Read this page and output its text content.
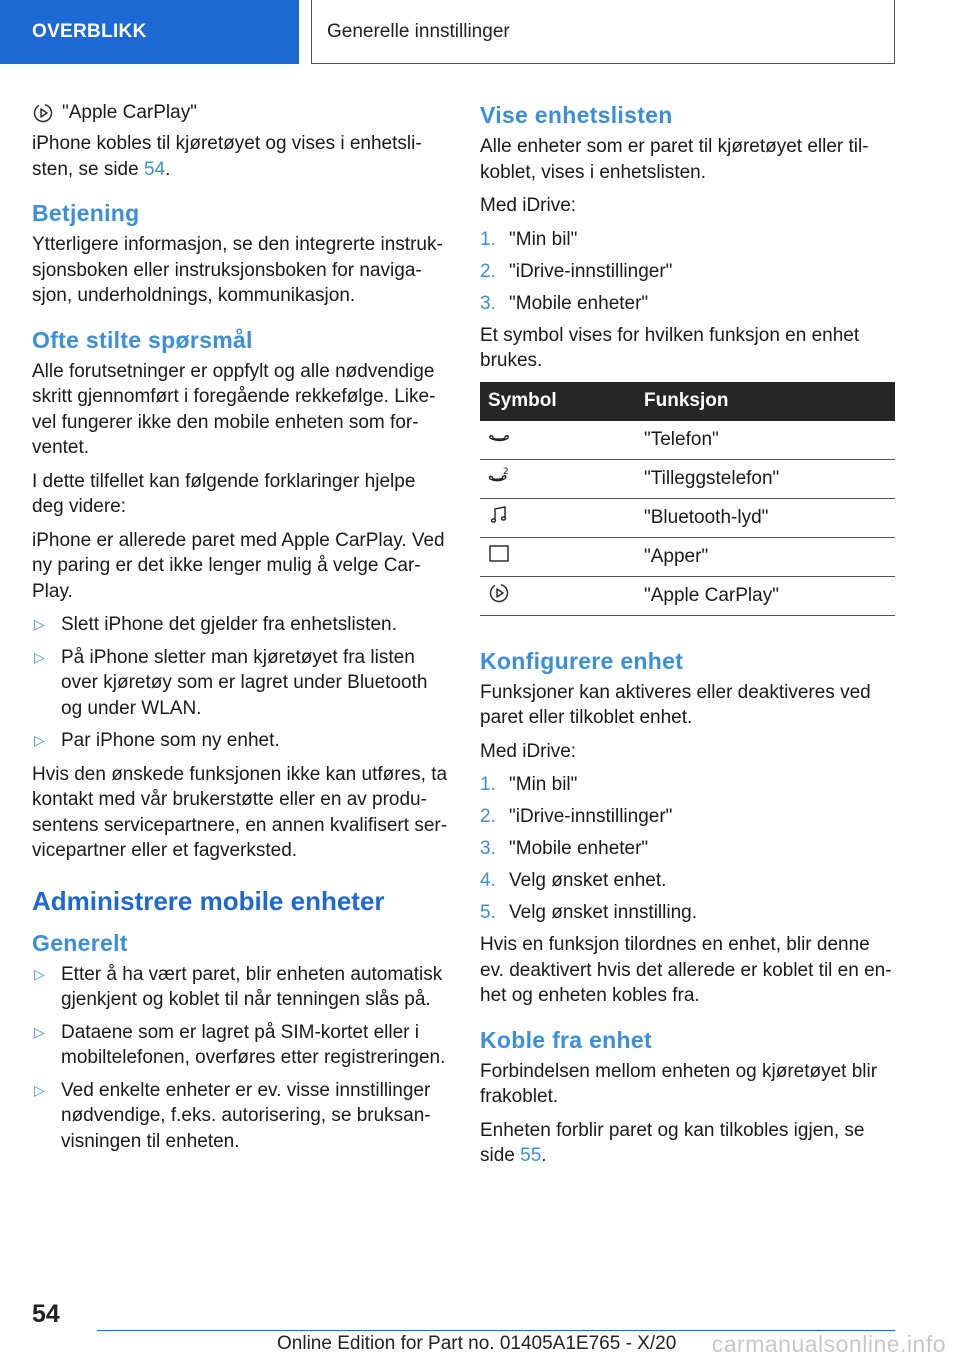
OVERBLIKK	Generelle innstillinger
"Apple CarPlay"

iPhone kobles til kjøretøyet og vises i enhetsli-sten, se side 54.

Betjening

Ytterligere informasjon, se den integrerte instruk-sjonsboken eller instruksjonsboken for naviga-sjon, underholdnings, kommunikasjon.

Ofte stilte spørsmål

Alle forutsetninger er oppfylt og alle nødvendige skritt gjennomført i foregående rekkefølge. Like-vel fungerer ikke den mobile enheten som for-ventet.

I dette tilfellet kan følgende forklaringer hjelpe deg videre:

iPhone er allerede paret med Apple CarPlay. Ved ny paring er det ikke lenger mulig å velge Car-Play.

▷ Slett iPhone det gjelder fra enhetslisten.
▷ På iPhone sletter man kjøretøyet fra listen over kjøretøy som er lagret under Bluetooth og under WLAN.
▷ Par iPhone som ny enhet.

Hvis den ønskede funksjonen ikke kan utføres, ta kontakt med vår brukerstøtte eller en av produ-sentens servicepartnere, en annen kvalifisert ser-vicepartner eller et fagverksted.

Administrere mobile enheter
Generelt
▷ Etter å ha vært paret, blir enheten automatisk gjenkjent og koblet til når tenningen slås på.
▷ Dataene som er lagret på SIM-kortet eller i mobiltelefonen, overføres etter registreringen.
▷ Ved enkelte enheter er ev. visse innstillinger nødvendige, f.eks. autorisering, se bruksan-visningen til enheten.
Vise enhetslisten

Alle enheter som er paret til kjøretøyet eller til-koblet, vises i enhetslisten.

Med iDrive:

1. "Min bil"
2. "iDrive-innstillinger"
3. "Mobile enheter"

Et symbol vises for hvilken funksjon en enhet brukes.

Symbol	Funksjon
	"Telefon"

2	"Tilleggstelefon"
	"Bluetooth-lyd"
	"Apper"
	"Apple CarPlay"
Konfigurere enhet

Funksjoner kan aktiveres eller deaktiveres ved paret eller tilkoblet enhet.

Med iDrive:

1. "Min bil"
2. "iDrive-innstillinger"
3. "Mobile enheter"
4. Velg ønsket enhet.
5. Velg ønsket innstilling.

Hvis en funksjon tilordnes en enhet, blir denne ev. deaktivert hvis det allerede er koblet til en en-het og enheten kobles fra.

Koble fra enhet

Forbindelsen mellom enheten og kjøretøyet blir frakoblet.

Enheten forblir paret og kan tilkobles igjen, se side 55.

54
Online Edition for Part no. 01405A1E765 - X/20 carmanualsonline.info
